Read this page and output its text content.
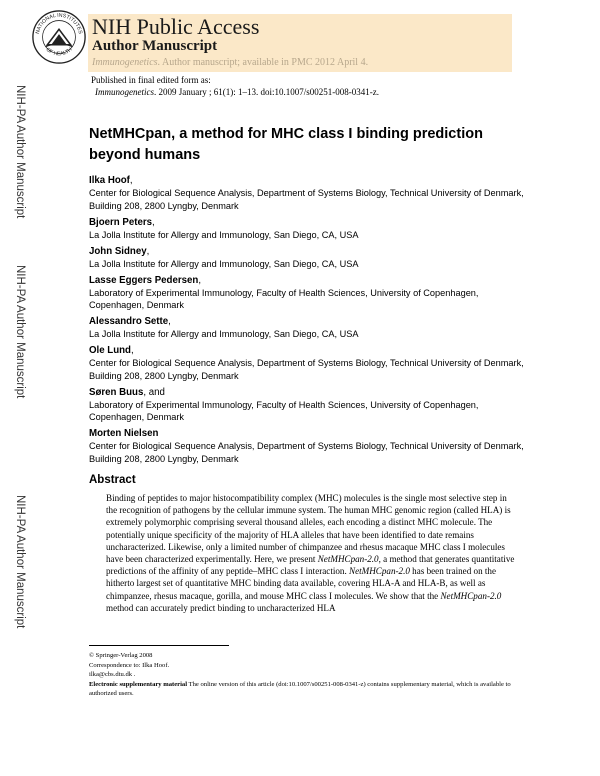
NATIONAL INSTITUTES
OF HEALTH
NIH Public Access
Author Manuscript
Immunogenetics. Author manuscript; available in PMC 2012 April 4.
NIH-PA Author Manuscript
NIH-PA Author Manuscript
NIH-PA Author Manuscript
Published in final edited form as:
Immunogenetics. 2009 January ; 61(1): 1–13. doi:10.1007/s00251-008-0341-z.
NetMHCpan, a method for MHC class I binding prediction beyond humans
Ilka Hoof,
Center for Biological Sequence Analysis, Department of Systems Biology, Technical University of Denmark, Building 208, 2800 Lyngby, Denmark
Bjoern Peters,
La Jolla Institute for Allergy and Immunology, San Diego, CA, USA
John Sidney,
La Jolla Institute for Allergy and Immunology, San Diego, CA, USA
Lasse Eggers Pedersen,
Laboratory of Experimental Immunology, Faculty of Health Sciences, University of Copenhagen, Copenhagen, Denmark
Alessandro Sette,
La Jolla Institute for Allergy and Immunology, San Diego, CA, USA
Ole Lund,
Center for Biological Sequence Analysis, Department of Systems Biology, Technical University of Denmark, Building 208, 2800 Lyngby, Denmark
Søren Buus, and
Laboratory of Experimental Immunology, Faculty of Health Sciences, University of Copenhagen, Copenhagen, Denmark
Morten Nielsen
Center for Biological Sequence Analysis, Department of Systems Biology, Technical University of Denmark, Building 208, 2800 Lyngby, Denmark
Abstract
Binding of peptides to major histocompatibility complex (MHC) molecules is the single most selective step in the recognition of pathogens by the cellular immune system. The human MHC genomic region (called HLA) is extremely polymorphic comprising several thousand alleles, each encoding a distinct MHC molecule. The potentially unique specificity of the majority of HLA alleles that have been identified to date remains uncharacterized. Likewise, only a limited number of chimpanzee and rhesus macaque MHC class I molecules have been characterized experimentally. Here, we present NetMHCpan-2.0, a method that generates quantitative predictions of the affinity of any peptide–MHC class I interaction. NetMHCpan-2.0 has been trained on the hitherto largest set of quantitative MHC binding data available, covering HLA-A and HLA-B, as well as chimpanzee, rhesus macaque, gorilla, and mouse MHC class I molecules. We show that the NetMHCpan-2.0 method can accurately predict binding to uncharacterized HLA
© Springer-Verlag 2008
Correspondence to: Ilka Hoof.
ilka@cbs.dtu.dk .
Electronic supplementary material The online version of this article (doi:10.1007/s00251-008-0341-z) contains supplementary material, which is available to authorized users.
